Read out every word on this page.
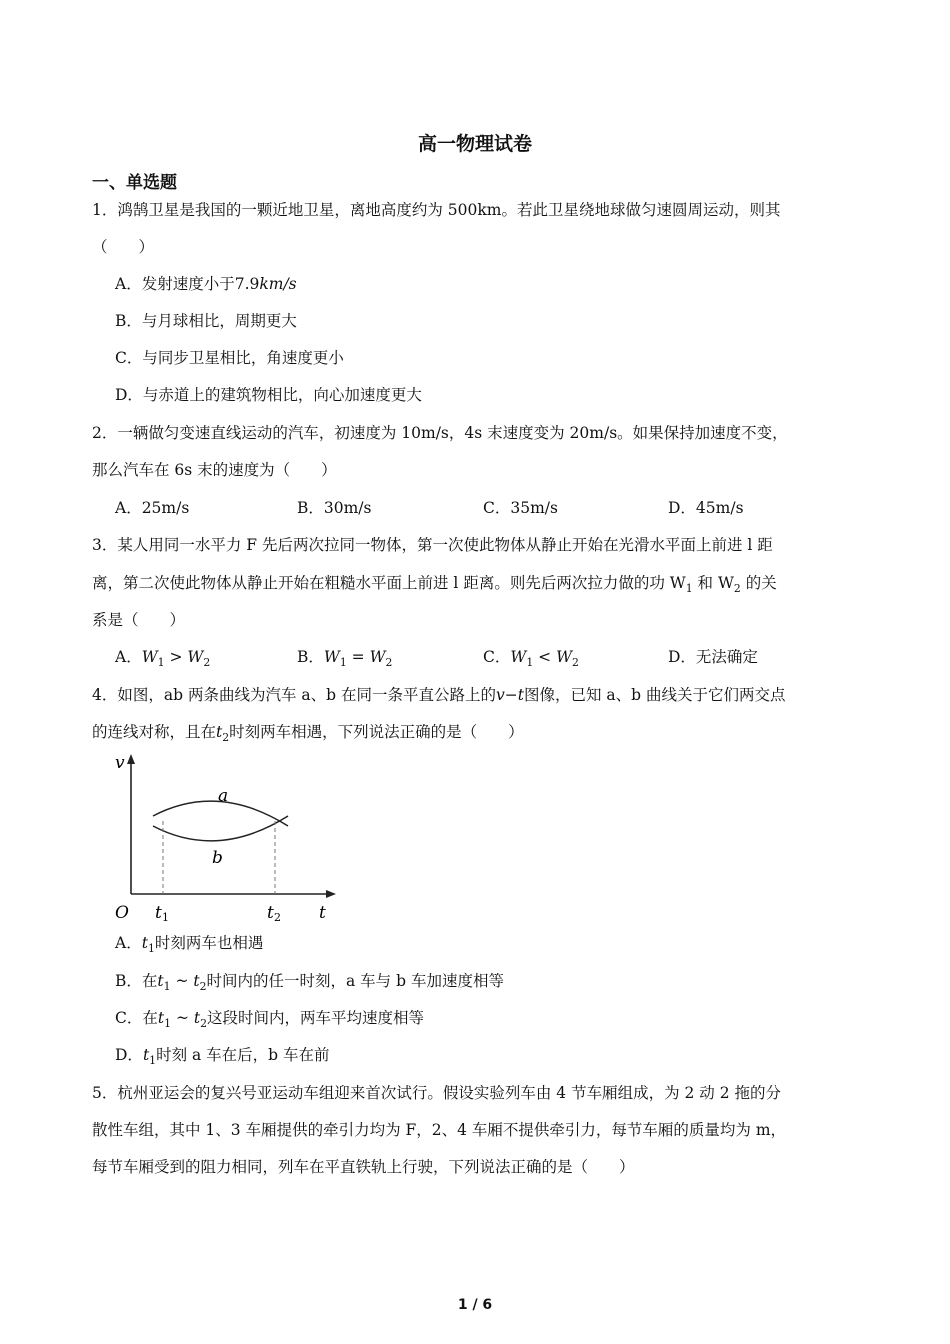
高一物理试卷
一、单选题
1．鸿鹄卫星是我国的一颗近地卫星，离地高度约为 500km。若此卫星绕地球做匀速圆周运动，则其
（　　）
A．发射速度小于7.9km/s
B．与月球相比，周期更大
C．与同步卫星相比，角速度更小
D．与赤道上的建筑物相比，向心加速度更大
2．一辆做匀变速直线运动的汽车，初速度为 10m/s，4s 末速度变为 20m/s。如果保持加速度不变，
那么汽车在 6s 末的速度为（　　）
A．25m/s	B．30m/s	C．35m/s	D．45m/s
3．某人用同一水平力 F 先后两次拉同一物体，第一次使此物体从静止开始在光滑水平面上前进 l 距
离，第二次使此物体从静止开始在粗糙水平面上前进 l 距离。则先后两次拉力做的功 $W_1$ 和 $W_2$ 的关
系是（　　）
A．$W_1 > W_2$	B．$W_1 = W_2$	C．$W_1 < W_2$	D．无法确定
4．如图，ab 两条曲线为汽车 a、b 在同一条平直公路上的v−t图像，已知 a、b 曲线关于它们两交点
的连线对称，且在$t_2$时刻两车相遇，下列说法正确的是（　　）
v
a
b
O t 1	t 2 t
A．$t_1$时刻两车也相遇
B．在$t_1$ ~ $t_2$时间内的任一时刻，a 车与 b 车加速度相等
C．在$t_1$ ~ $t_2$这段时间内，两车平均速度相等
D．$t_1$时刻 a 车在后，b 车在前
5．杭州亚运会的复兴号亚运动车组迎来首次试行。假设实验列车由 4 节车厢组成，为 2 动 2 拖的分
散性车组，其中 1、3 车厢提供的牵引力均为 F，2、4 车厢不提供牵引力，每节车厢的质量均为 m，
每节车厢受到的阻力相同，列车在平直铁轨上行驶，下列说法正确的是（　　）
1 / 6
